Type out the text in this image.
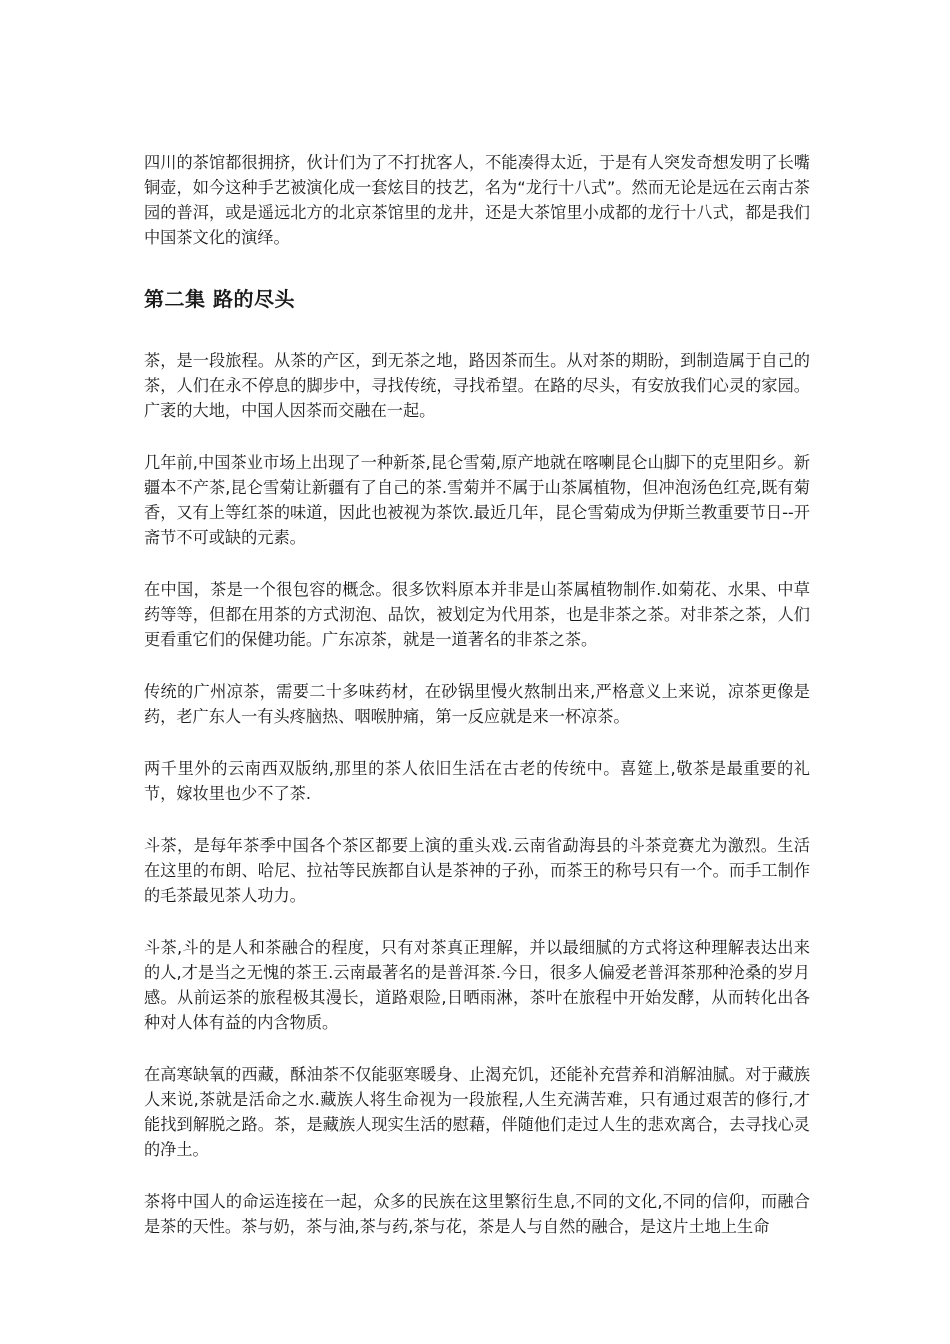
四川的茶馆都很拥挤，伙计们为了不打扰客人，不能凑得太近，于是有人突发奇想发明了长嘴铜壶，如今这种手艺被演化成一套炫目的技艺，名为“龙行十八式”。然而无论是远在云南古茶园的普洱，或是遥远北方的北京茶馆里的龙井，还是大茶馆里小成都的龙行十八式，都是我们中国茶文化的演绎。

第二集 路的尽头

茶，是一段旅程。从茶的产区，到无茶之地，路因茶而生。从对茶的期盼，到制造属于自己的茶，人们在永不停息的脚步中，寻找传统，寻找希望。在路的尽头，有安放我们心灵的家园。广袤的大地，中国人因茶而交融在一起。

几年前,中国茶业市场上出现了一种新茶,昆仑雪菊,原产地就在喀喇昆仑山脚下的克里阳乡。新疆本不产茶,昆仑雪菊让新疆有了自己的茶.雪菊并不属于山茶属植物，但冲泡汤色红亮,既有菊香，又有上等红茶的味道，因此也被视为茶饮.最近几年，昆仑雪菊成为伊斯兰教重要节日--开斋节不可或缺的元素。

在中国，茶是一个很包容的概念。很多饮料原本并非是山茶属植物制作.如菊花、水果、中草药等等，但都在用茶的方式沏泡、品饮，被划定为代用茶，也是非茶之茶。对非茶之茶，人们更看重它们的保健功能。广东凉茶，就是一道著名的非茶之茶。

传统的广州凉茶，需要二十多味药材，在砂锅里慢火熬制出来,严格意义上来说，凉茶更像是药，老广东人一有头疼脑热、咽喉肿痛，第一反应就是来一杯凉茶。

两千里外的云南西双版纳,那里的茶人依旧生活在古老的传统中。喜筵上,敬茶是最重要的礼节，嫁妆里也少不了茶.

斗茶，是每年茶季中国各个茶区都要上演的重头戏.云南省勐海县的斗茶竞赛尤为激烈。生活在这里的布朗、哈尼、拉祜等民族都自认是茶神的子孙，而茶王的称号只有一个。而手工制作的毛茶最见茶人功力。

斗茶,斗的是人和茶融合的程度，只有对茶真正理解，并以最细腻的方式将这种理解表达出来的人,才是当之无愧的茶王.云南最著名的是普洱茶.今日，很多人偏爱老普洱茶那种沧桑的岁月感。从前运茶的旅程极其漫长，道路艰险,日晒雨淋，茶叶在旅程中开始发酵，从而转化出各种对人体有益的内含物质。

在高寒缺氧的西藏，酥油茶不仅能驱寒暖身、止渴充饥，还能补充营养和消解油腻。对于藏族人来说,茶就是活命之水.藏族人将生命视为一段旅程,人生充满苦难，只有通过艰苦的修行,才能找到解脱之路。茶，是藏族人现实生活的慰藉，伴随他们走过人生的悲欢离合，去寻找心灵的净土。

茶将中国人的命运连接在一起，众多的民族在这里繁衍生息,不同的文化,不同的信仰，而融合是茶的天性。茶与奶，茶与油,茶与药,茶与花，茶是人与自然的融合，是这片土地上生命
